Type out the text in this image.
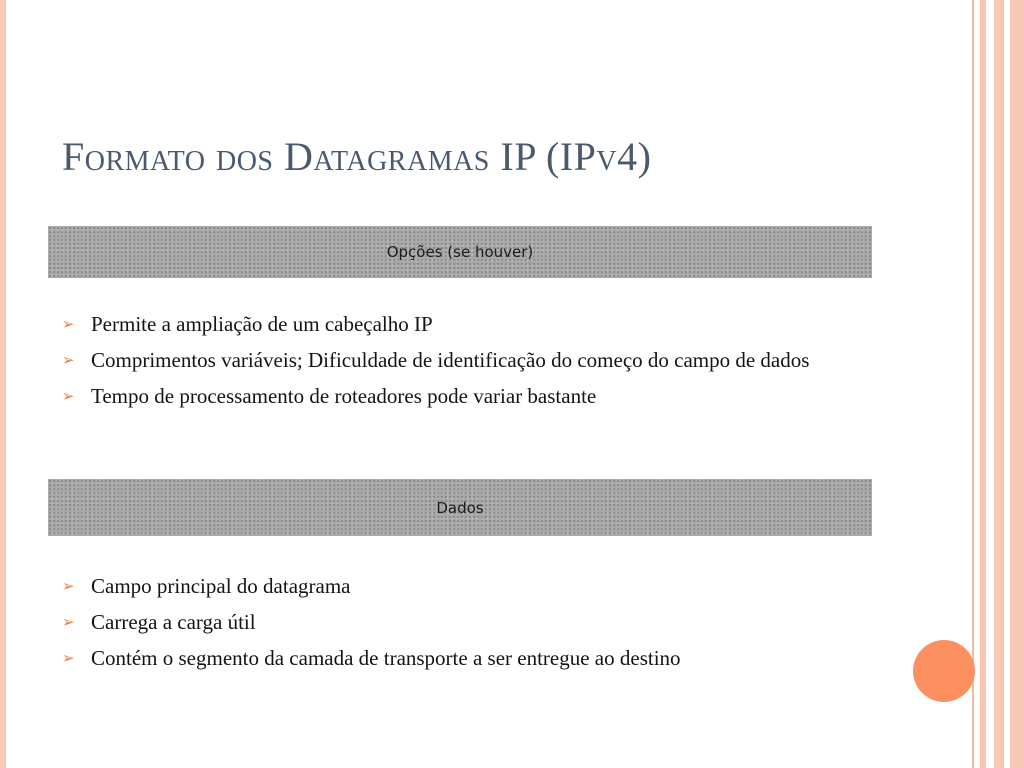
Formato dos Datagramas IP (IPv4)
Opções (se houver)
➢ Permite a ampliação de um cabeçalho IP
➢ Comprimentos variáveis; Dificuldade de identificação do começo do campo de dados
➢ Tempo de processamento de roteadores pode variar bastante
Dados
➢ Campo principal do datagrama
➢ Carrega a carga útil
➢ Contém o segmento da camada de transporte a ser entregue ao destino
